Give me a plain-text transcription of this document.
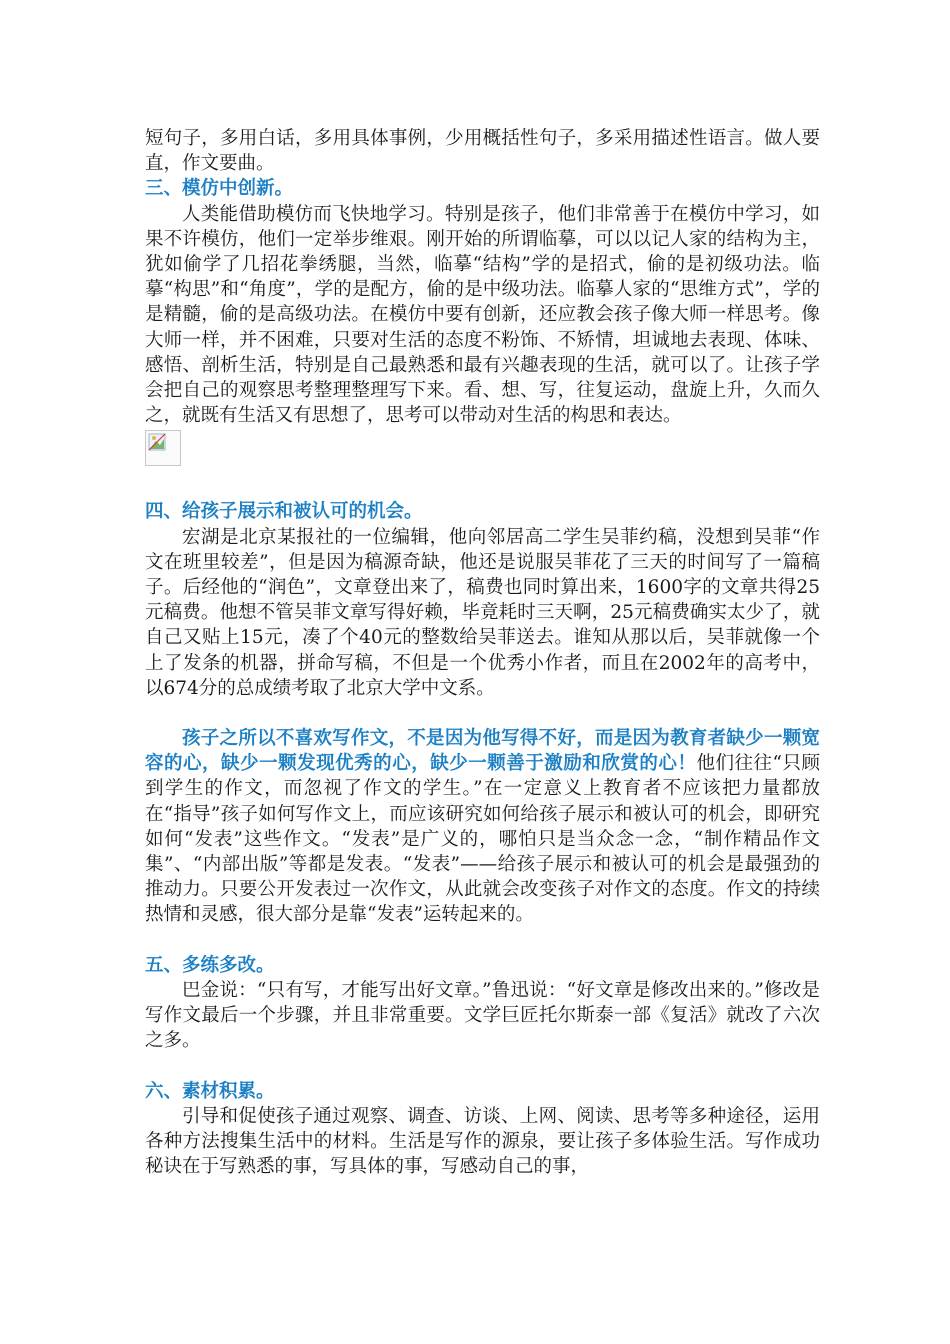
短句子，多用白话，多用具体事例，少用概括性句子，多采用描述性语言。做人要直，作文要曲。

三、模仿中创新。

人类能借助模仿而飞快地学习。特别是孩子，他们非常善于在模仿中学习，如果不许模仿，他们一定举步维艰。刚开始的所谓临摹，可以以记人家的结构为主，犹如偷学了几招花拳绣腿，当然，临摹“结构”学的是招式，偷的是初级功法。临摹“构思”和“角度”，学的是配方，偷的是中级功法。临摹人家的“思维方式”，学的是精髓，偷的是高级功法。在模仿中要有创新，还应教会孩子像大师一样思考。像大师一样，并不困难，只要对生活的态度不粉饰、不矫情，坦诚地去表现、体味、感悟、剖析生活，特别是自己最熟悉和最有兴趣表现的生活，就可以了。让孩子学会把自己的观察思考整理整理写下来。看、想、写，往复运动，盘旋上升，久而久之，就既有生活又有思想了，思考可以带动对生活的构思和表达。

四、给孩子展示和被认可的机会。

宏湖是北京某报社的一位编辑，他向邻居高二学生吴菲约稿，没想到吴菲“作文在班里较差”，但是因为稿源奇缺，他还是说服吴菲花了三天的时间写了一篇稿子。后经他的“润色”，文章登出来了，稿费也同时算出来，1600字的文章共得25元稿费。他想不管吴菲文章写得好赖，毕竟耗时三天啊，25元稿费确实太少了，就自己又贴上15元，凑了个40元的整数给吴菲送去。谁知从那以后，吴菲就像一个上了发条的机器，拼命写稿，不但是一个优秀小作者，而且在2002年的高考中，以674分的总成绩考取了北京大学中文系。

孩子之所以不喜欢写作文，不是因为他写得不好，而是因为教育者缺少一颗宽容的心，缺少一颗发现优秀的心，缺少一颗善于激励和欣赏的心！他们往往“只顾到学生的作文，而忽视了作文的学生。”在一定意义上教育者不应该把力量都放在“指导”孩子如何写作文上，而应该研究如何给孩子展示和被认可的机会，即研究如何“发表”这些作文。“发表”是广义的，哪怕只是当众念一念，“制作精品作文集”、“内部出版”等都是发表。“发表”——给孩子展示和被认可的机会是最强劲的推动力。只要公开发表过一次作文，从此就会改变孩子对作文的态度。作文的持续热情和灵感，很大部分是靠“发表”运转起来的。

五、多练多改。

巴金说：“只有写，才能写出好文章。”鲁迅说：“好文章是修改出来的。”修改是写作文最后一个步骤，并且非常重要。文学巨匠托尔斯泰一部《复活》就改了六次之多。

六、素材积累。

引导和促使孩子通过观察、调查、访谈、上网、阅读、思考等多种途径，运用各种方法搜集生活中的材料。生活是写作的源泉，要让孩子多体验生活。写作成功秘诀在于写熟悉的事，写具体的事，写感动自己的事，
